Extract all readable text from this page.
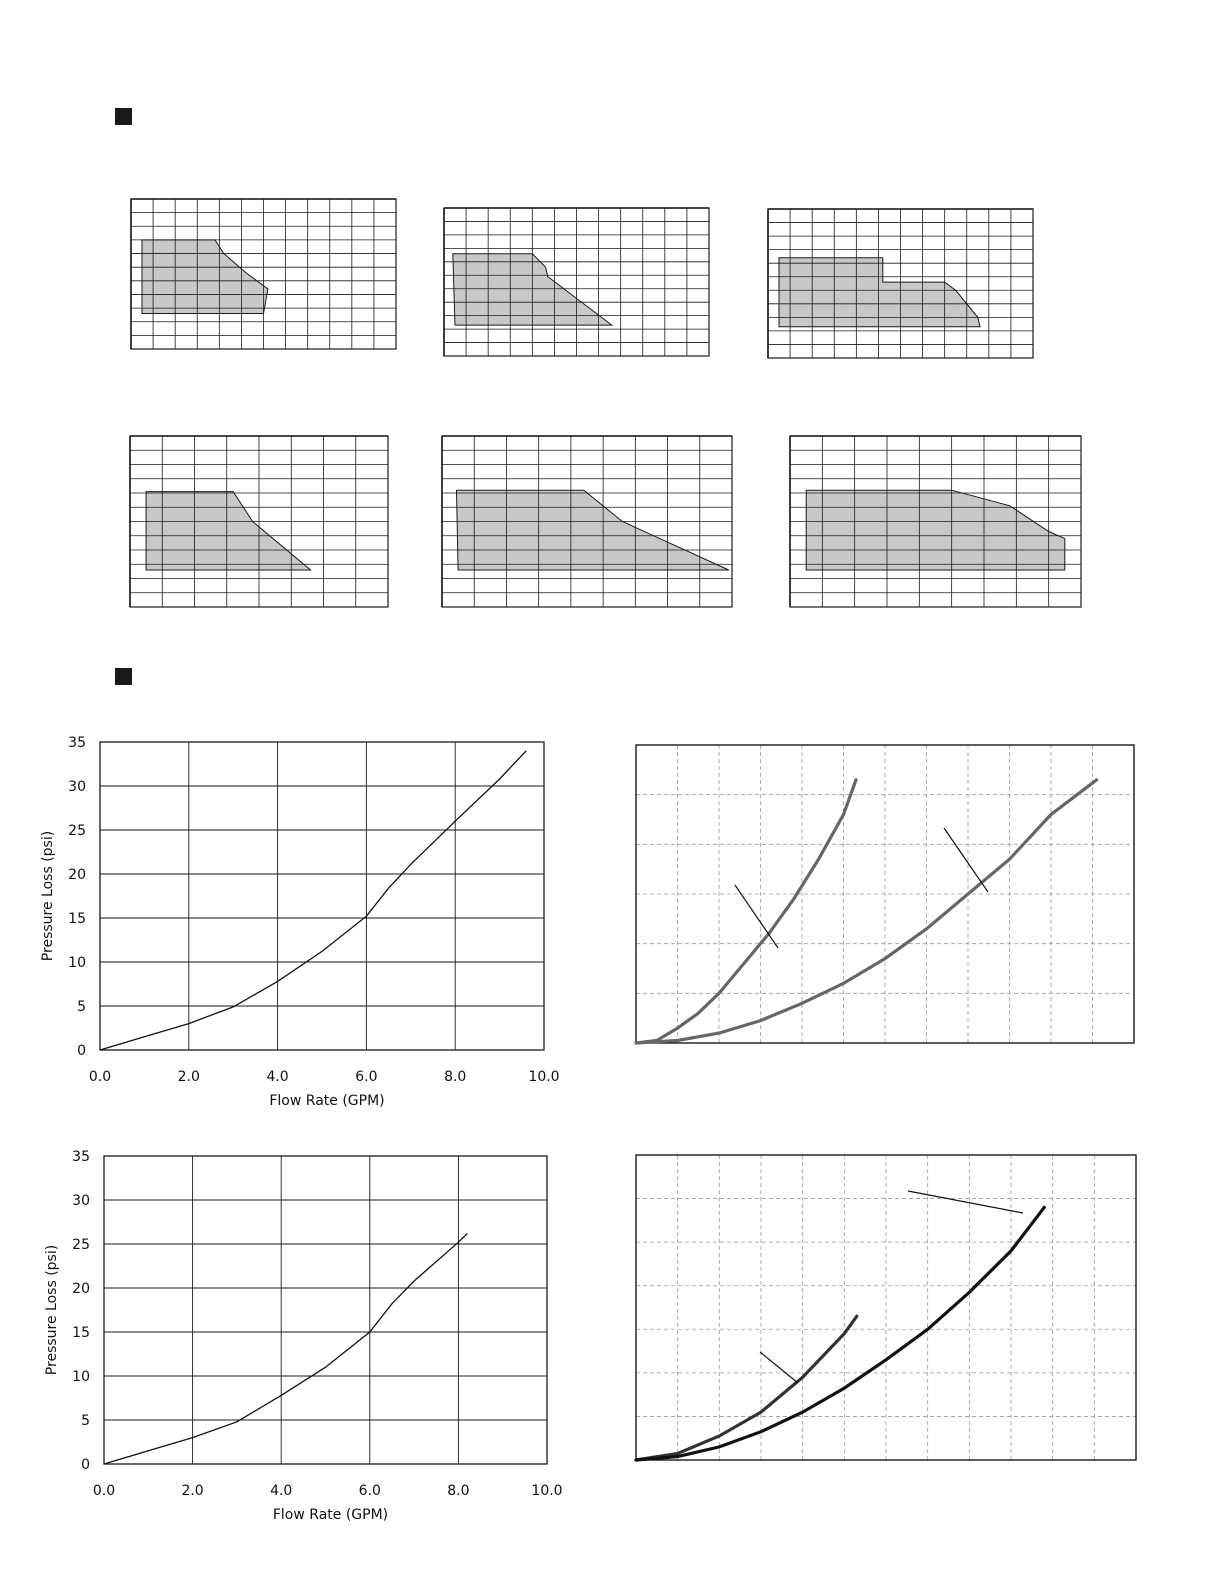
0.0	2.0	4.0	6.0	8.0	10.0
0
5
10
15
20
25
30
35
Flow Rate (GPM)
Pressure Loss (psi)
0.0	2.0	4.0	6.0	8.0	10.0
0
5
10
15
20
25
30
35
Flow Rate (GPM)
Pressure Loss (psi)
